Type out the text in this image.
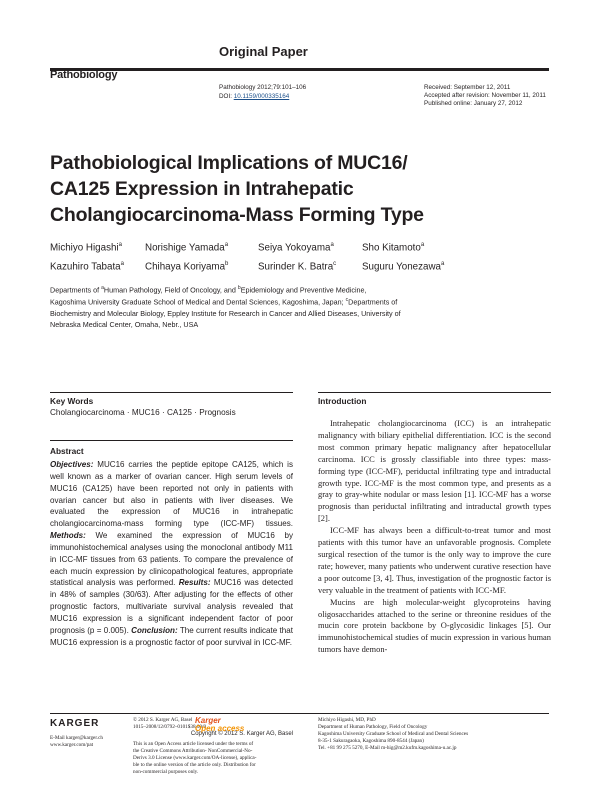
Original Paper
Pathobiology
Pathobiology 2012;79:101–106
DOI: 10.1159/000335164
Received: September 12, 2011
Accepted after revision: November 11, 2011
Published online: January 27, 2012
Pathobiological Implications of MUC16/
CA125 Expression in Intrahepatic
Cholangiocarcinoma-Mass Forming Type
Michiyo Higashi$^a$ Norishige Yamada$^a$	Seiya Yokoyama$^a$	Sho Kitamoto$^a$
Kazuhiro Tabata$^a$ Chihaya Koriyama$^b$	Surinder K. Batra$^c$	Suguru Yonezawa$^a$
Departments of $^a$Human Pathology, Field of Oncology, and $^b$Epidemiology and Preventive Medicine,
Kagoshima University Graduate School of Medical and Dental Sciences, Kagoshima, Japan; $^c$Departments of
Biochemistry and Molecular Biology, Eppley Institute for Research in Cancer and Allied Diseases, University of
Nebraska Medical Center, Omaha, Nebr., USA
Key Words
Cholangiocarcinoma · MUC16 · CA125 · Prognosis
Abstract
Objectives: MUC16 carries the peptide epitope CA125, which is well known as a marker of ovarian cancer. High serum levels of MUC16 (CA125) have been reported not only in patients with ovarian cancer but also in patients with liver diseases. We evaluated the expression of MUC16 in intrahepatic cholangiocarcinoma-mass forming type (ICC-MF) tissues. Methods: We examined the expression of MUC16 by immunohistochemical analyses using the monoclonal antibody M11 in ICC-MF tissues from 63 patients. To compare the prevalence of each mucin expression by clinicopathological features, appropriate statistical analysis was performed. Results: MUC16 was detected in 48% of samples (30/63). After adjusting for the effects of other prognostic factors, multivariate survival analysis revealed that MUC16 expression is a significant independent factor of poor prognosis (p = 0.005). Conclusion: The current results indicate that MUC16 expression is a prognostic factor of poor survival in ICC-MF.
Copyright © 2012 S. Karger AG, Basel
Introduction

Intrahepatic cholangiocarcinoma (ICC) is an intrahepatic malignancy with biliary epithelial differentiation. ICC is the second most common primary hepatic malignancy after hepatocellular carcinoma. ICC is grossly classifiable into three types: mass-forming type (ICC-MF), periductal infiltrating type and intraductal growth type. ICC-MF is the most common type, and presents as a gray to gray-white nodular or mass lesion [1]. ICC-MF has a worse prognosis than periductal infiltrating and intraductal growth types [2].

ICC-MF has always been a difficult-to-treat tumor and most patients with this tumor have an unfavorable prognosis. Complete surgical resection of the tumor is the only way to improve the cure rate; however, many patients who underwent curative resection have a poor outcome [3, 4]. Thus, investigation of the prognostic factor is very valuable in the treatment of patients with ICC-MF.

Mucins are high molecular-weight glycoproteins having oligosaccharides attached to the serine or threonine residues of the mucin core protein backbone by O-glycosidic linkages [5]. Our immunohistochemical studies of mucin expression in various human tumors have demon-

KARGER
E-Mail karger@karger.ch
www.karger.com/pat
© 2012 S. Karger AG, Basel
1015–2008/12/0792–0101$38.00/0
Karger
Open access
This is an Open Access article licensed under the terms of
the Creative Commons Attribution- NonCommercial-No-
Derivs 3.0 License (www.karger.com/OA-license), applica-
ble to the online version of the article only. Distribution for
non-commercial purposes only.
Michiyo Higashi, MD, PhD
Department of Human Pathology, Field of Oncology
Kagoshima University Graduate School of Medical and Dental Sciences
8-35-1 Sakuragaoka, Kagoshima 890-8544 (Japan)
Tel. +81 99 275 5270, E-Mail m-hig@m2.kufm.kagoshima-u.ac.jp
